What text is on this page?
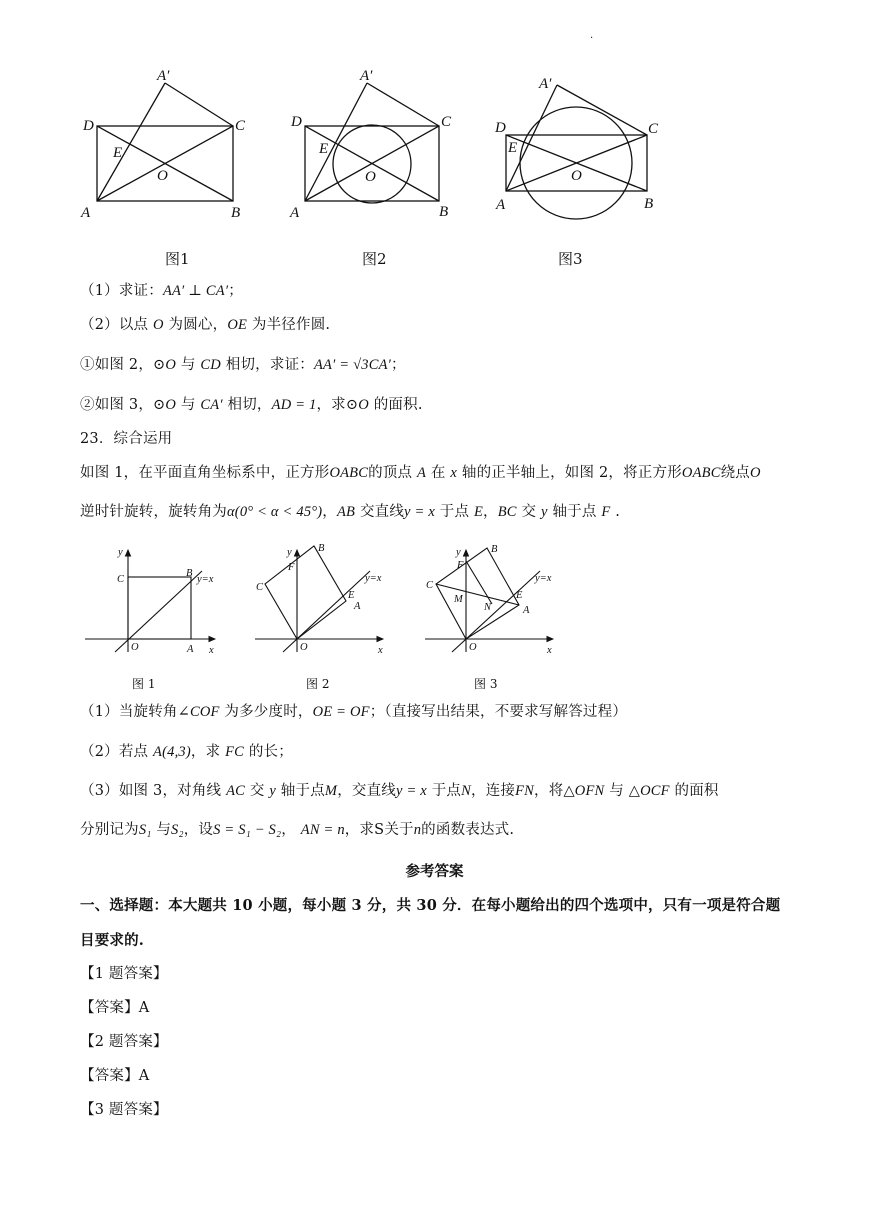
.
D	C
A′
E
O
A	B
D	C
A′
E
O
A	B
D	C
A′
E
O
A	B
图1	图2	图3
（1）求证：AA′ ⊥ CA′；
（2）以点 O 为圆心，OE 为半径作圆.
①如图 2，⊙O 与 CD 相切，求证：AA′ = √3CA′；
②如图 3，⊙O 与 CA′ 相切，AD = 1，求⊙O 的面积.
23．综合运用
如图 1，在平面直角坐标系中，正方形OABC的顶点 A 在 x 轴的正半轴上，如图 2，将正方形OABC绕点O
逆时针旋转，旋转角为α(0° < α < 45°)，AB 交直线y = x 于点 E，BC 交 y 轴于点 F .
y
C
B
y=x
O	A x
y	B
F
C
y=x
E
A
O	x
y	B
F
C
M
N
y=x
E
A
O	x
图 1	图 2	图 3
（1）当旋转角∠COF 为多少度时，OE = OF；（直接写出结果，不要求写解答过程）
（2）若点 A(4,3)，求 FC 的长；
（3）如图 3，对角线 AC 交 y 轴于点M，交直线y = x 于点N，连接FN，将△OFN 与 △OCF 的面积
分别记为S₁ 与S₂，设S = S₁ − S₂， AN = n，求S关于n的函数表达式.
参考答案
一、选择题：本大题共 10 小题，每小题 3 分，共 30 分．在每小题给出的四个选项中，只有一项是符合题
目要求的.
【1 题答案】
【答案】A
【2 题答案】
【答案】A
【3 题答案】
